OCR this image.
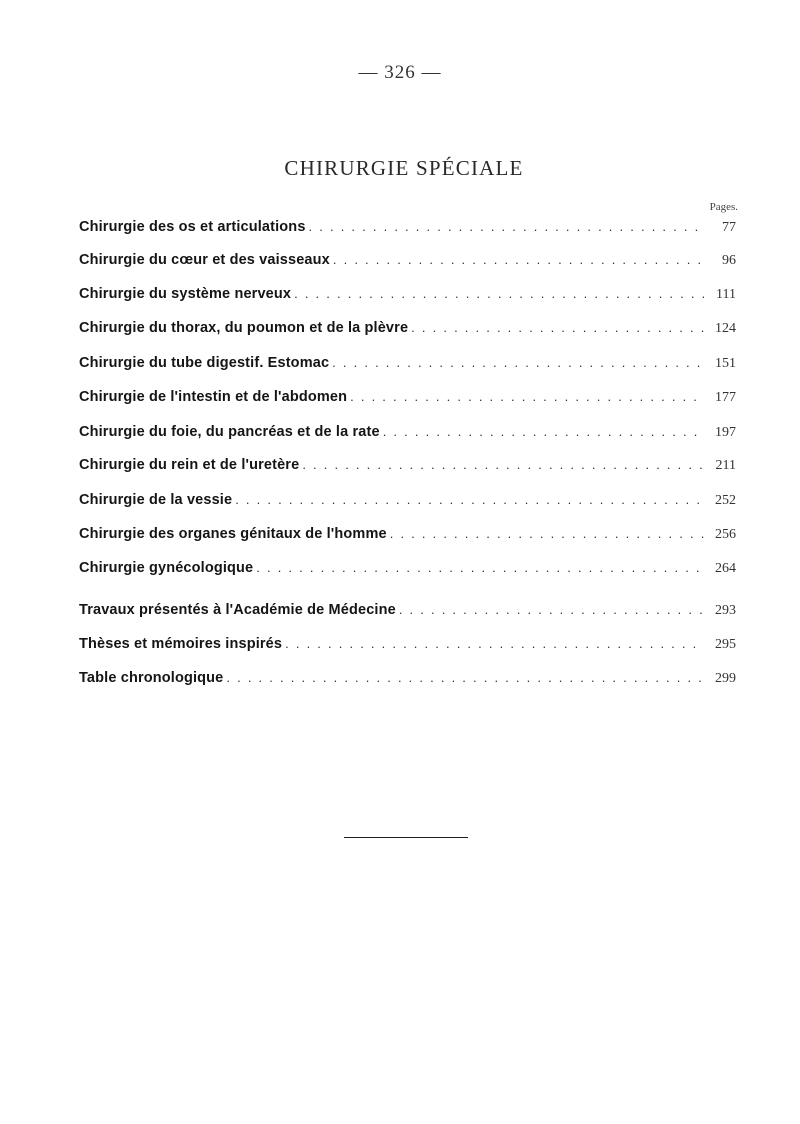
— 326 —
CHIRURGIE SPÉCIALE
Pages.
Chirurgie des os et articulations . . .	77
Chirurgie du cœur et des vaisseaux . . .	96
Chirurgie du système nerveux . . .	111
Chirurgie du thorax, du poumon et de la plèvre . . .	124
Chirurgie du tube digestif. Estomac . . .	151
Chirurgie de l'intestin et de l'abdomen . . .	177
Chirurgie du foie, du pancréas et de la rate . . .	197
Chirurgie du rein et de l'uretère . . .	211
Chirurgie de la vessie . . .	252
Chirurgie des organes génitaux de l'homme . . .	256
Chirurgie gynécologique . . .	264
Travaux présentés à l'Académie de Médecine . . .	293
Thèses et mémoires inspirés . . .	295
Table chronologique . . .	299
